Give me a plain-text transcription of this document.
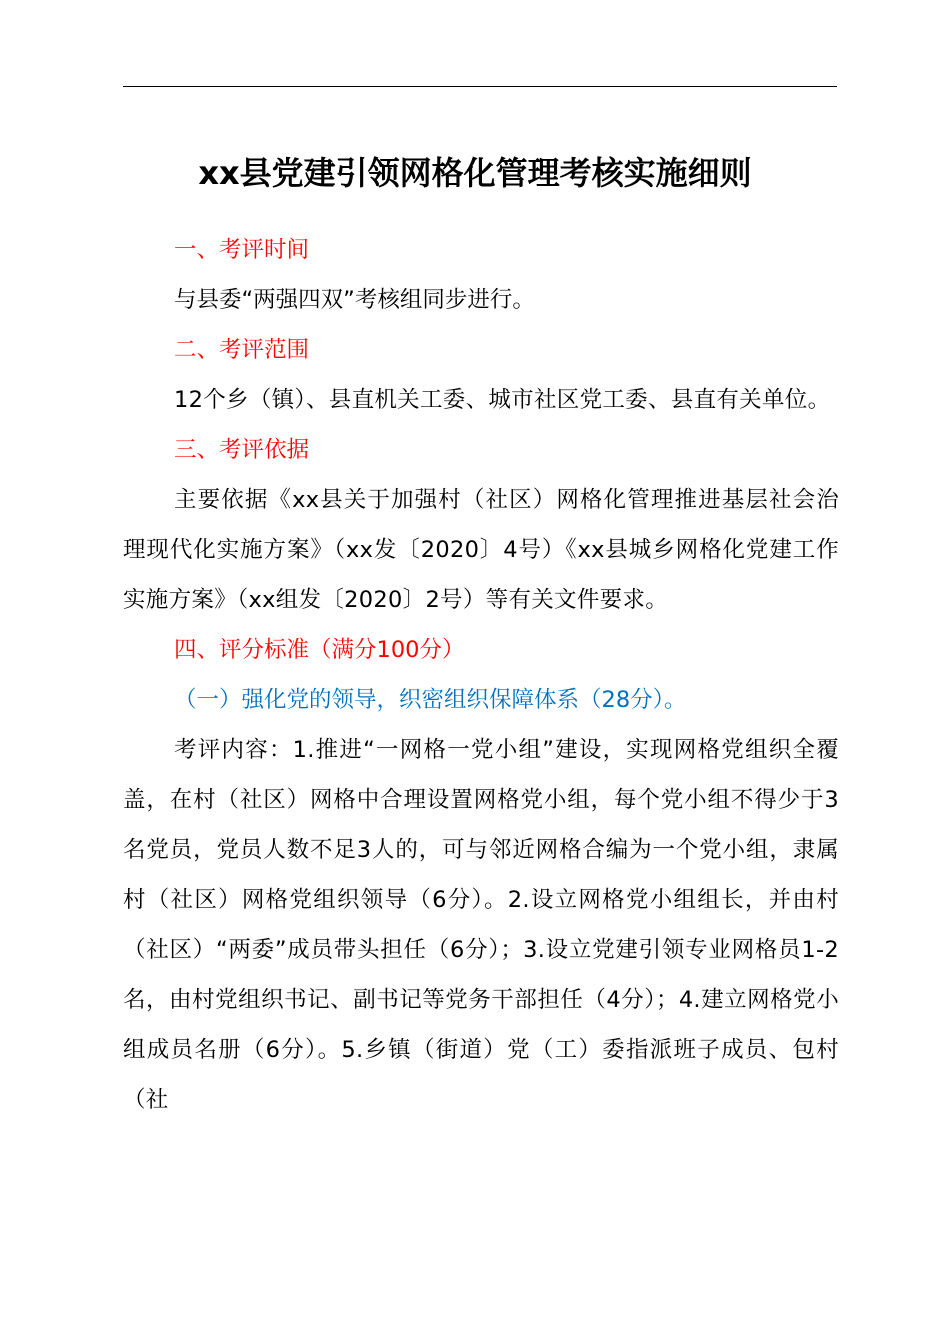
xx县党建引领网格化管理考核实施细则
一、考评时间
与县委“两强四双”考核组同步进行。
二、考评范围

12个乡（镇）、县直机关工委、城市社区党工委、县直有关单位。

三、考评依据

主要依据《xx县关于加强村（社区）网格化管理推进基层社会治理现代化实施方案》（xx发〔2020〕4号）《xx县城乡网格化党建工作实施方案》（xx组发〔2020〕2号）等有关文件要求。

四、评分标准（满分100分）
（一）强化党的领导，织密组织保障体系（28分）。

考评内容：1.推进“一网格一党小组”建设，实现网格党组织全覆盖，在村（社区）网格中合理设置网格党小组，每个党小组不得少于3名党员，党员人数不足3人的，可与邻近网格合编为一个党小组，隶属村（社区）网格党组织领导（6分）。2.设立网格党小组组长，并由村（社区）“两委”成员带头担任（6分）；3.设立党建引领专业网格员1-2名，由村党组织书记、副书记等党务干部担任（4分）；4.建立网格党小组成员名册（6分）。5.乡镇（街道）党（工）委指派班子成员、包村（社
